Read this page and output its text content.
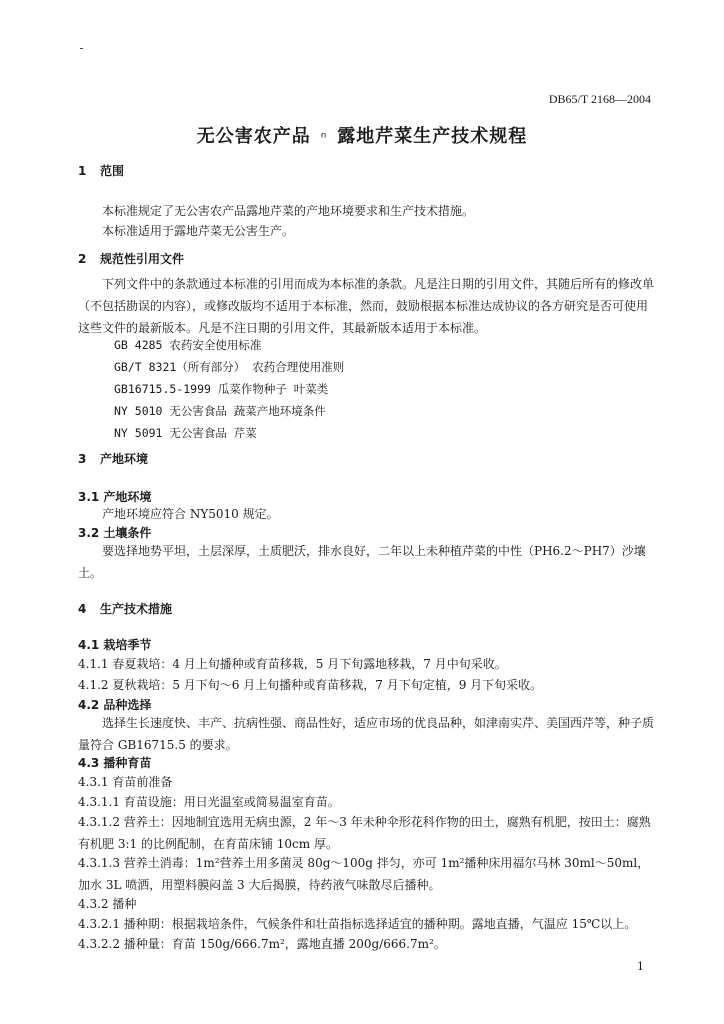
DB65/T 2168—2004
无公害农产品 ⁿ 露地芹菜生产技术规程
1 范围
本标准规定了无公害农产品露地芹菜的产地环境要求和生产技术措施。
本标准适用于露地芹菜无公害生产。
2 规范性引用文件
下列文件中的条款通过本标准的引用而成为本标准的条款。凡是注日期的引用文件，其随后所有的修改单（不包括勘误的内容），或修改版均不适用于本标准，然而，鼓励根据本标准达成协议的各方研究是否可使用这些文件的最新版本。凡是不注日期的引用文件，其最新版本适用于本标准。
GB 4285 农药安全使用标准
GB/T 8321（所有部分） 农药合理使用准则
GB16715.5-1999 瓜菜作物种子 叶菜类
NY 5010 无公害食品 蔬菜产地环境条件
NY 5091 无公害食品 芹菜
3 产地环境
3.1 产地环境
产地环境应符合 NY5010 规定。
3.2 土壤条件
要选择地势平坦，土层深厚，土质肥沃，排水良好，二年以上未种植芹菜的中性（PH6.2～PH7）沙壤土。
4 生产技术措施
4.1 栽培季节
4.1.1 春夏栽培：4 月上旬播种或育苗移栽，5 月下旬露地移栽，7 月中旬采收。
4.1.2 夏秋栽培：5 月下旬～6 月上旬播种或育苗移栽，7 月下旬定植，9 月下旬采收。
4.2 品种选择
选择生长速度快、丰产、抗病性强、商品性好，适应市场的优良品种，如津南实芹、美国西芹等，种子质量符合 GB16715.5 的要求。
4.3 播种育苗
4.3.1 育苗前准备
4.3.1.1 育苗设施：用日光温室或简易温室育苗。
4.3.1.2 营养土：因地制宜选用无病虫源，2 年～3 年未种伞形花科作物的田土，腐熟有机肥，按田土：腐熟有机肥 3:1 的比例配制，在育苗床铺 10cm 厚。
4.3.1.3 营养土消毒：1m²营养土用多菌灵 80g～100g 拌匀，亦可 1m²播种床用福尔马林 30ml～50ml，加水 3L 喷洒，用塑料膜闷盖 3 大后揭膜，待药液气味散尽后播种。
4.3.2 播种
4.3.2.1 播种期：根据栽培条件，气候条件和壮苗指标选择适宜的播种期。露地直播，气温应 15℃以上。
4.3.2.2 播种量：育苗 150g/666.7m²，露地直播 200g/666.7m²。
1
